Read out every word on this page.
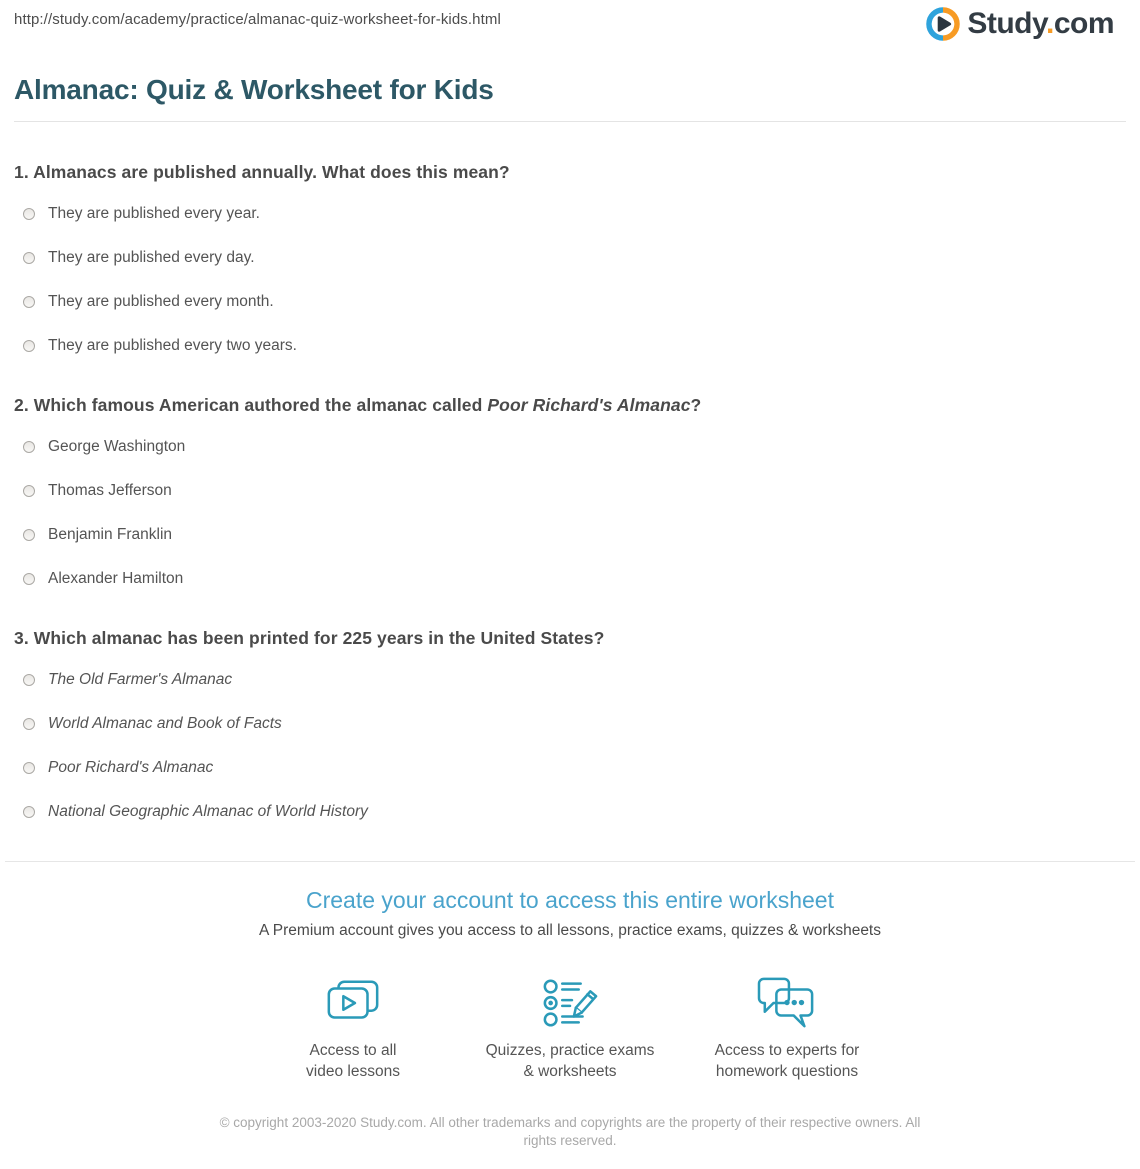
http://study.com/academy/practice/almanac-quiz-worksheet-for-kids.html	Study.com
Almanac: Quiz & Worksheet for Kids
1. Almanacs are published annually. What does this mean?
They are published every year.
They are published every day.
They are published every month.
They are published every two years.
2. Which famous American authored the almanac called Poor Richard's Almanac?
George Washington
Thomas Jefferson
Benjamin Franklin
Alexander Hamilton
3. Which almanac has been printed for 225 years in the United States?
The Old Farmer's Almanac
World Almanac and Book of Facts
Poor Richard's Almanac
National Geographic Almanac of World History
Create your account to access this entire worksheet
A Premium account gives you access to all lessons, practice exams, quizzes & worksheets
Access to all
video lessons
Quizzes, practice exams
& worksheets
Access to experts for
homework questions
© copyright 2003-2020 Study.com. All other trademarks and copyrights are the property of their respective owners. All rights reserved.
